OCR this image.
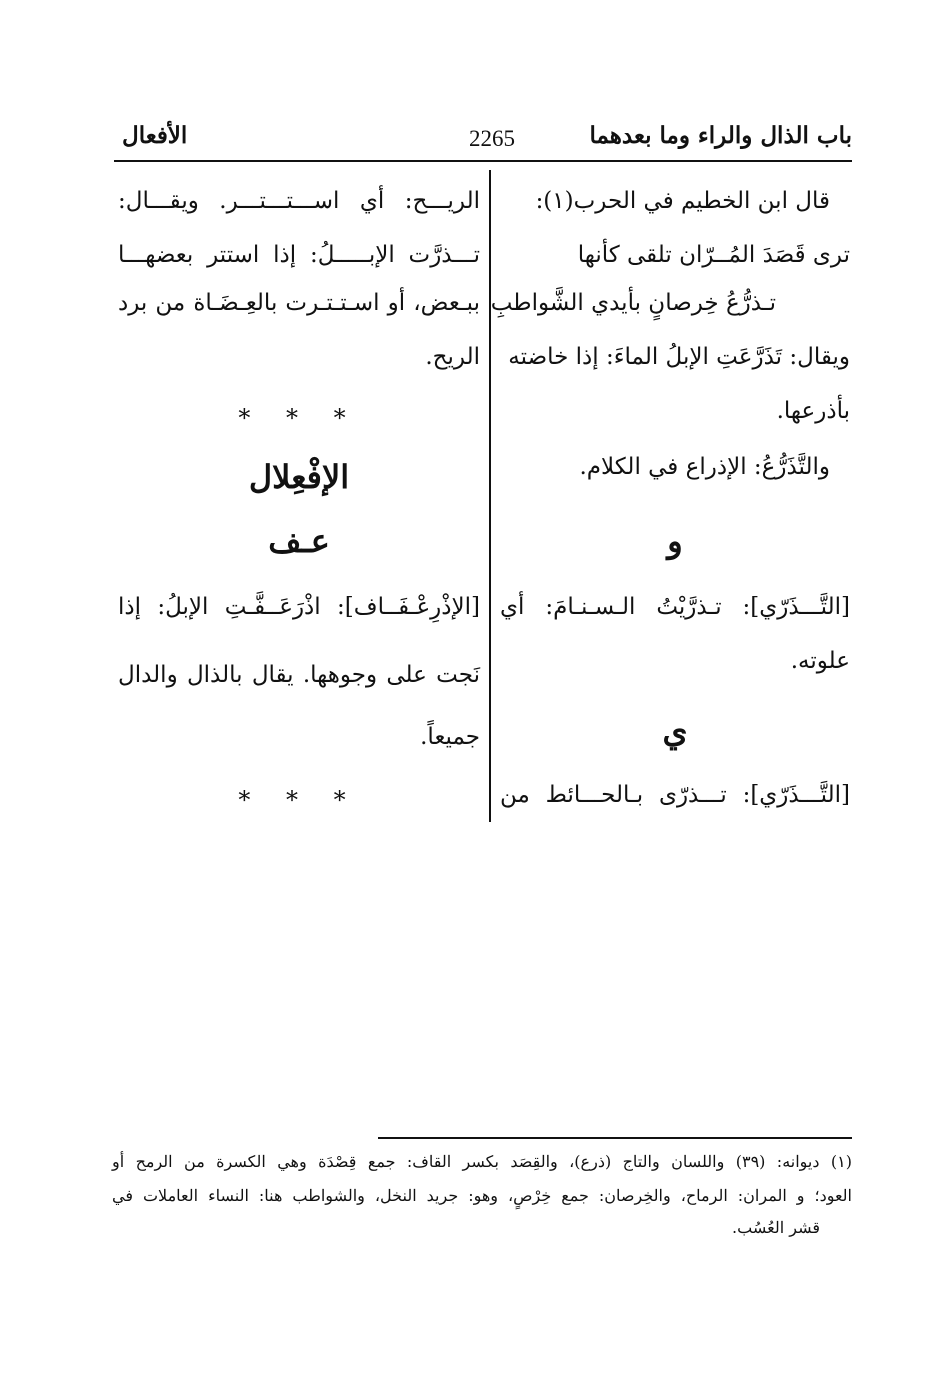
باب الذال والراء وما بعدهما
2265
الأفعال
قال ابن الخطيم في الحرب(١):
ترى قَصَدَ المُــرّان تلقى كأنها
تـذرُّعُ خِرصانٍ بأيدي الشَّواطبِ
ويقال: تَذَرَّعَتِ الإبلُ الماءَ: إذا خاضته
بأذرعها.
والتَّذَرُّعُ: الإذراع في الكلام.
و
[التَّـــذَرّي]: تـذرَّيْتُ الـسـنـامَ: أي
علوته.
ي
[التَّـــذَرّي]: تـــذرّى بـالحـــائط من
الريـــح: أي اســـتـــتـــر. ويقـــال:
تـــذرَّت الإبـــــلُ: إذا استتر بعضهـــا
ببـعض، أو اسـتـتـرت بالعِـضَـاة من برد
الريح.
* * *
الإفْعِلال
عـف
[الإذْرِعْـفَــاف]: اذْرَعَــفَّـتِ الإبلُ: إذا
نَجت على وجوهها. يقال بالذال والدال
جميعاً.
* * *
(١) ديوانه: (٣٩) واللسان والتاج (ذرع)، والقِصَد بكسر القاف: جمع قِصْدَة وهي الكسرة من الرمح أو
العود؛ و المران: الرماح، والخِرصان: جمع خِرْصٍ، وهو: جريد النخل، والشواطب هنا: النساء العاملات في
قشر العُسُب.
